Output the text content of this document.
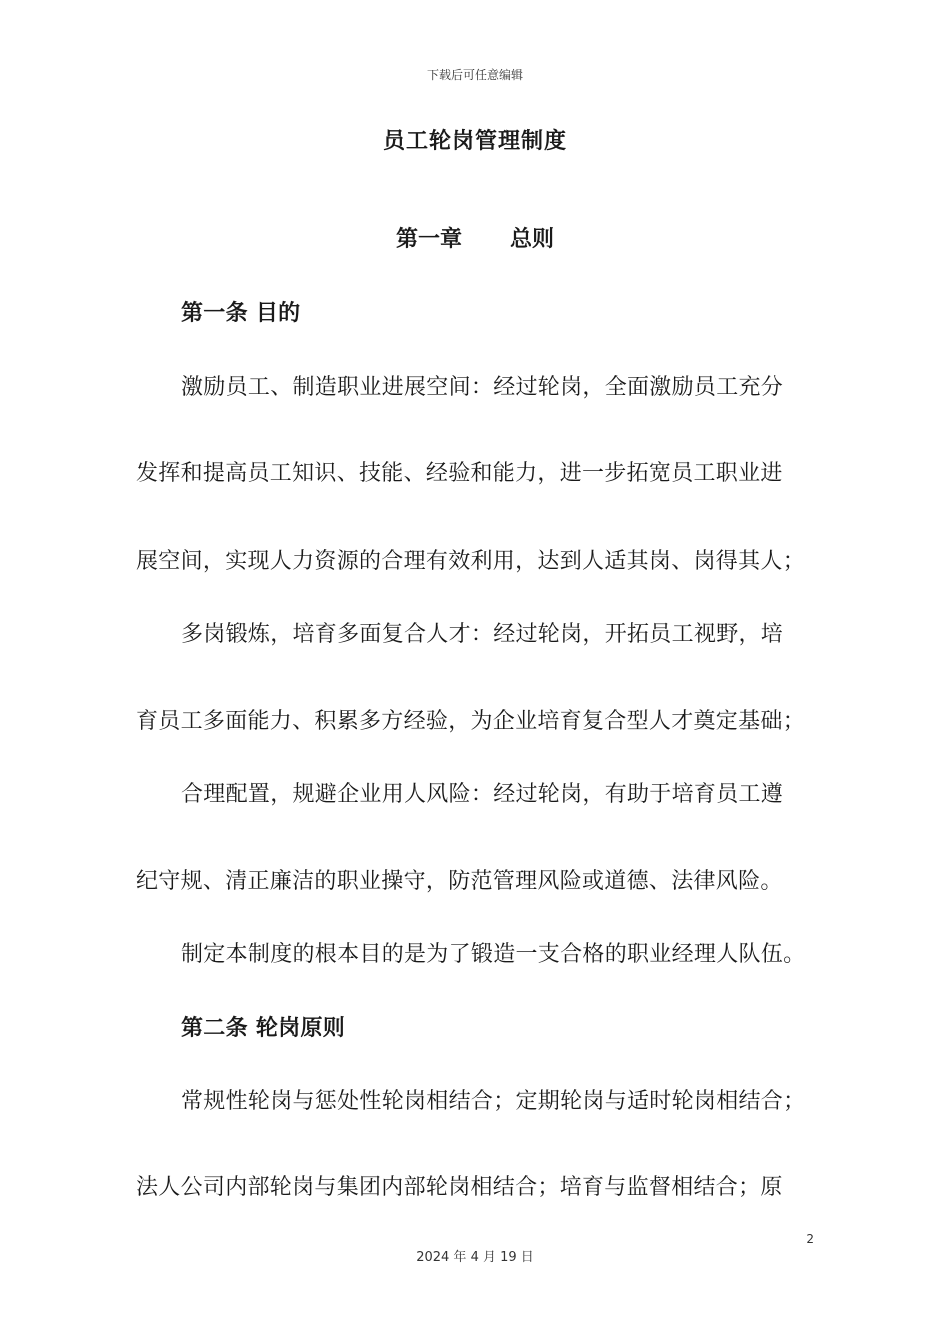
下载后可任意编辑
员工轮岗管理制度
第一章 总则
第一条 目的
激励员工、制造职业进展空间：经过轮岗，全面激励员工充分
发挥和提高员工知识、技能、经验和能力，进一步拓宽员工职业进
展空间，实现人力资源的合理有效利用，达到人适其岗、岗得其人；
多岗锻炼，培育多面复合人才：经过轮岗，开拓员工视野，培
育员工多面能力、积累多方经验，为企业培育复合型人才奠定基础；
合理配置，规避企业用人风险：经过轮岗，有助于培育员工遵
纪守规、清正廉洁的职业操守，防范管理风险或道德、法律风险。
制定本制度的根本目的是为了锻造一支合格的职业经理人队伍。
第二条 轮岗原则
常规性轮岗与惩处性轮岗相结合；定期轮岗与适时轮岗相结合；
法人公司内部轮岗与集团内部轮岗相结合；培育与监督相结合；原
2
2024 年 4 月 19 日
